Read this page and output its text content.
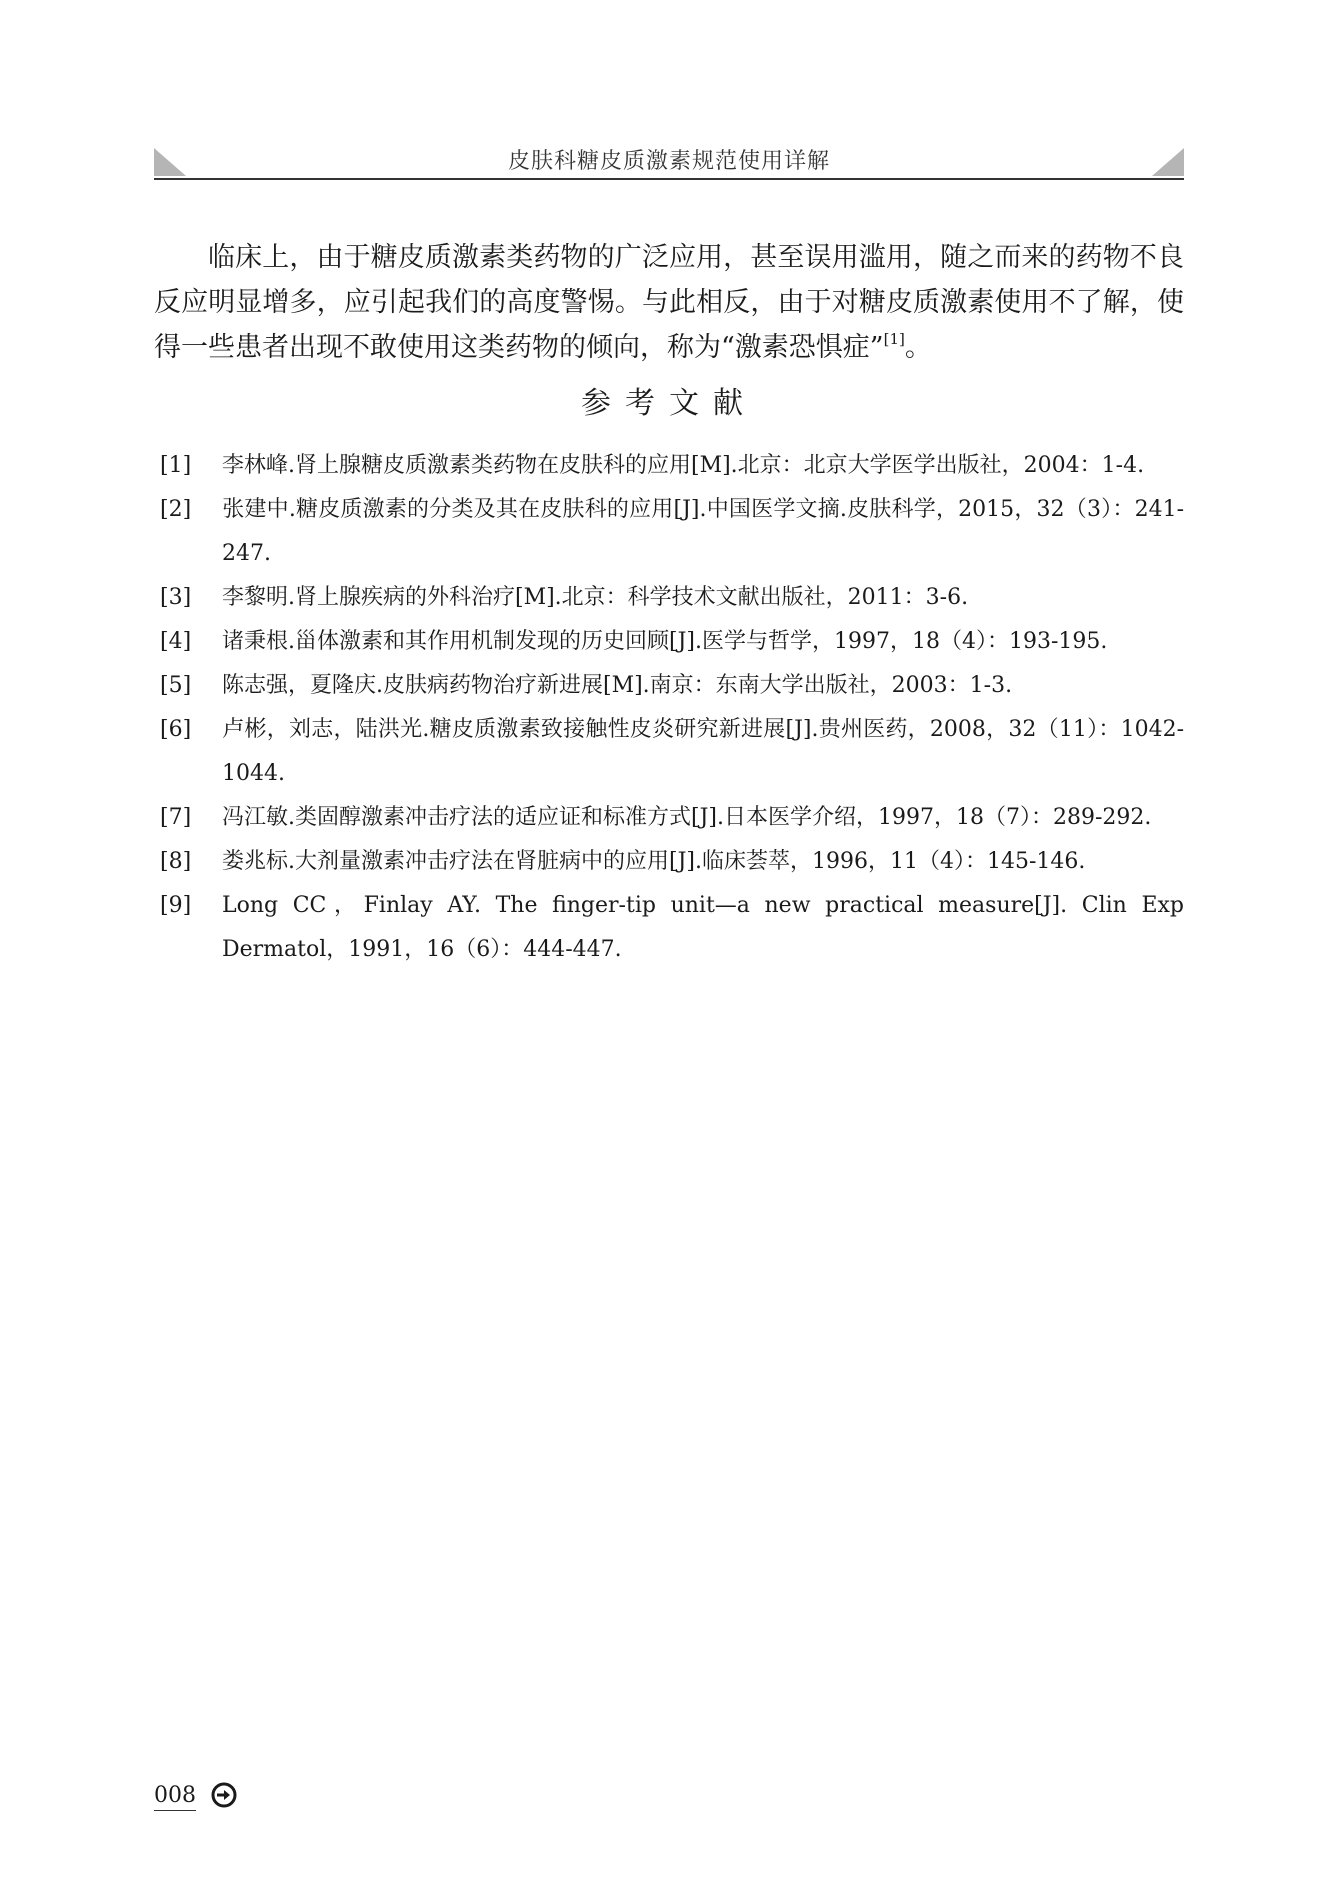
皮肤科糖皮质激素规范使用详解

临床上，由于糖皮质激素类药物的广泛应用，甚至误用滥用，随之而来的药物不良反应明显增多，应引起我们的高度警惕。与此相反，由于对糖皮质激素使用不了解，使得一些患者出现不敢使用这类药物的倾向，称为“激素恐惧症”[1]。

参考文献
[1] 李林峰.肾上腺糖皮质激素类药物在皮肤科的应用[M].北京：北京大学医学出版社，2004：1-4.
[2] 张建中.糖皮质激素的分类及其在皮肤科的应用[J].中国医学文摘.皮肤科学，2015，32（3）：241-247.
[3] 李黎明.肾上腺疾病的外科治疗[M].北京：科学技术文献出版社，2011：3-6.
[4] 诸秉根.甾体激素和其作用机制发现的历史回顾[J].医学与哲学，1997，18（4）：193-195.
[5] 陈志强，夏隆庆.皮肤病药物治疗新进展[M].南京：东南大学出版社，2003：1-3.
[6] 卢彬，刘志，陆洪光.糖皮质激素致接触性皮炎研究新进展[J].贵州医药，2008，32（11）：1042-1044.
[7] 冯江敏.类固醇激素冲击疗法的适应证和标准方式[J].日本医学介绍，1997，18（7）：289-292.
[8] 娄兆标.大剂量激素冲击疗法在肾脏病中的应用[J].临床荟萃，1996，11（4）：145-146.
[9] Long CC，Finlay AY. The finger-tip unit—a new practical measure[J]. Clin Exp Dermatol，1991，16（6）：444-447.
008
